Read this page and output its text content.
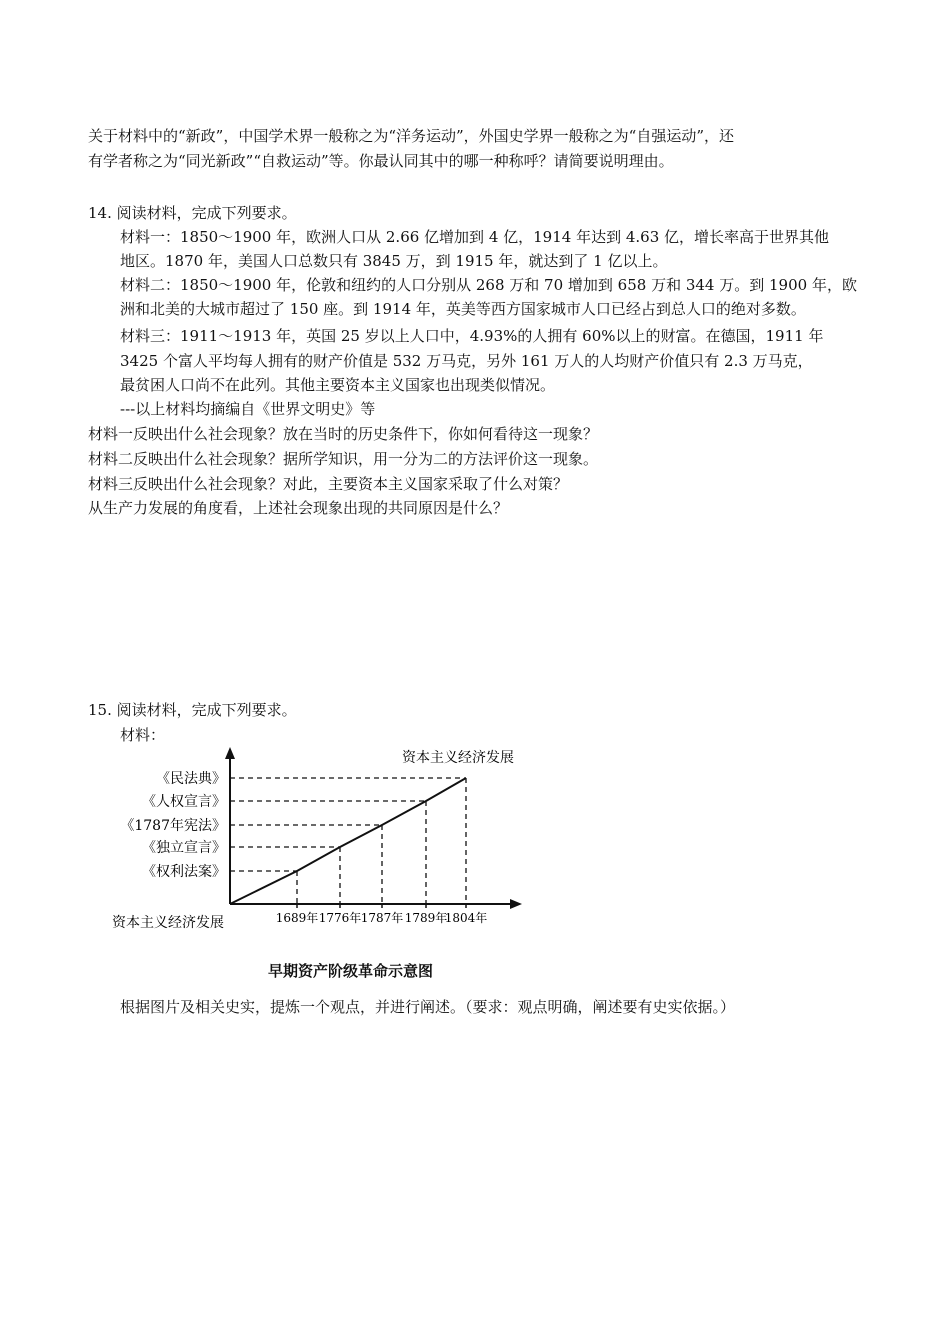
关于材料中的“新政”，中国学术界一般称之为“洋务运动”，外国史学界一般称之为“自强运动”，还
有学者称之为“同光新政”“自救运动”等。你最认同其中的哪一种称呼？请简要说明理由。
14. 阅读材料，完成下列要求。
材料一：1850～1900 年，欧洲人口从 2.66 亿增加到 4 亿，1914 年达到 4.63 亿，增长率高于世界其他
地区。1870 年，美国人口总数只有 3845 万，到 1915 年，就达到了 1 亿以上。
材料二：1850～1900 年，伦敦和纽约的人口分别从 268 万和 70 增加到 658 万和 344 万。到 1900 年，欧
洲和北美的大城市超过了 150 座。到 1914 年，英美等西方国家城市人口已经占到总人口的绝对多数。
材料三：1911～1913 年，英国 25 岁以上人口中，4.93%的人拥有 60%以上的财富。在德国，1911 年
3425 个富人平均每人拥有的财产价值是 532 万马克，另外 161 万人的人均财产价值只有 2.3 万马克，
最贫困人口尚不在此列。其他主要资本主义国家也出现类似情况。
---以上材料均摘编自《世界文明史》等
材料一反映出什么社会现象？放在当时的历史条件下，你如何看待这一现象？
材料二反映出什么社会现象？据所学知识，用一分为二的方法评价这一现象。
材料三反映出什么社会现象？对此，主要资本主义国家采取了什么对策？
从生产力发展的角度看，上述社会现象出现的共同原因是什么？
15. 阅读材料，完成下列要求。
材料：
资本主义经济发展
资本主义经济发展
1689年 1776年 1787年 1789年
1804年
《权利法案》
《独立宣言》
《1787年宪法》
《人权宣言》
《民法典》
早期资产阶级革命示意图
根据图片及相关史实，提炼一个观点，并进行阐述。（要求：观点明确，阐述要有史实依据。）
